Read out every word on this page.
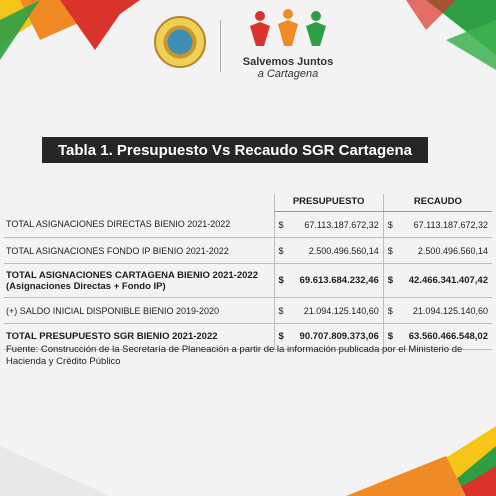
Salvemos Juntos
a Cartagena
Tabla 1. Presupuesto Vs Recaudo SGR Cartagena
	PRESUPUESTO		RECAUDO	
TOTAL ASIGNACIONES DIRECTAS BIENIO 2021-2022	$	67.113.187.672,32	$	67.113.187.672,32
TOTAL ASIGNACIONES FONDO IP BIENIO 2021-2022	$	2.500.496.560,14	$	2.500.496.560,14
TOTAL ASIGNACIONES CARTAGENA BIENIO 2021-2022
(Asignaciones Directas + Fondo IP)	$	69.613.684.232,46	$	42.466.341.407,42
(+) SALDO INICIAL DISPONIBLE BIENIO 2019-2020	$	21.094.125.140,60	$	21.094.125.140,60
TOTAL PRESUPUESTO SGR BIENIO 2021-2022	$	90.707.809.373,06	$	63.560.466.548,02
Fuente: Construcción de la Secretaría de Planeación a partir de la información publicada por el Ministerio de Hacienda y Crédito Público
